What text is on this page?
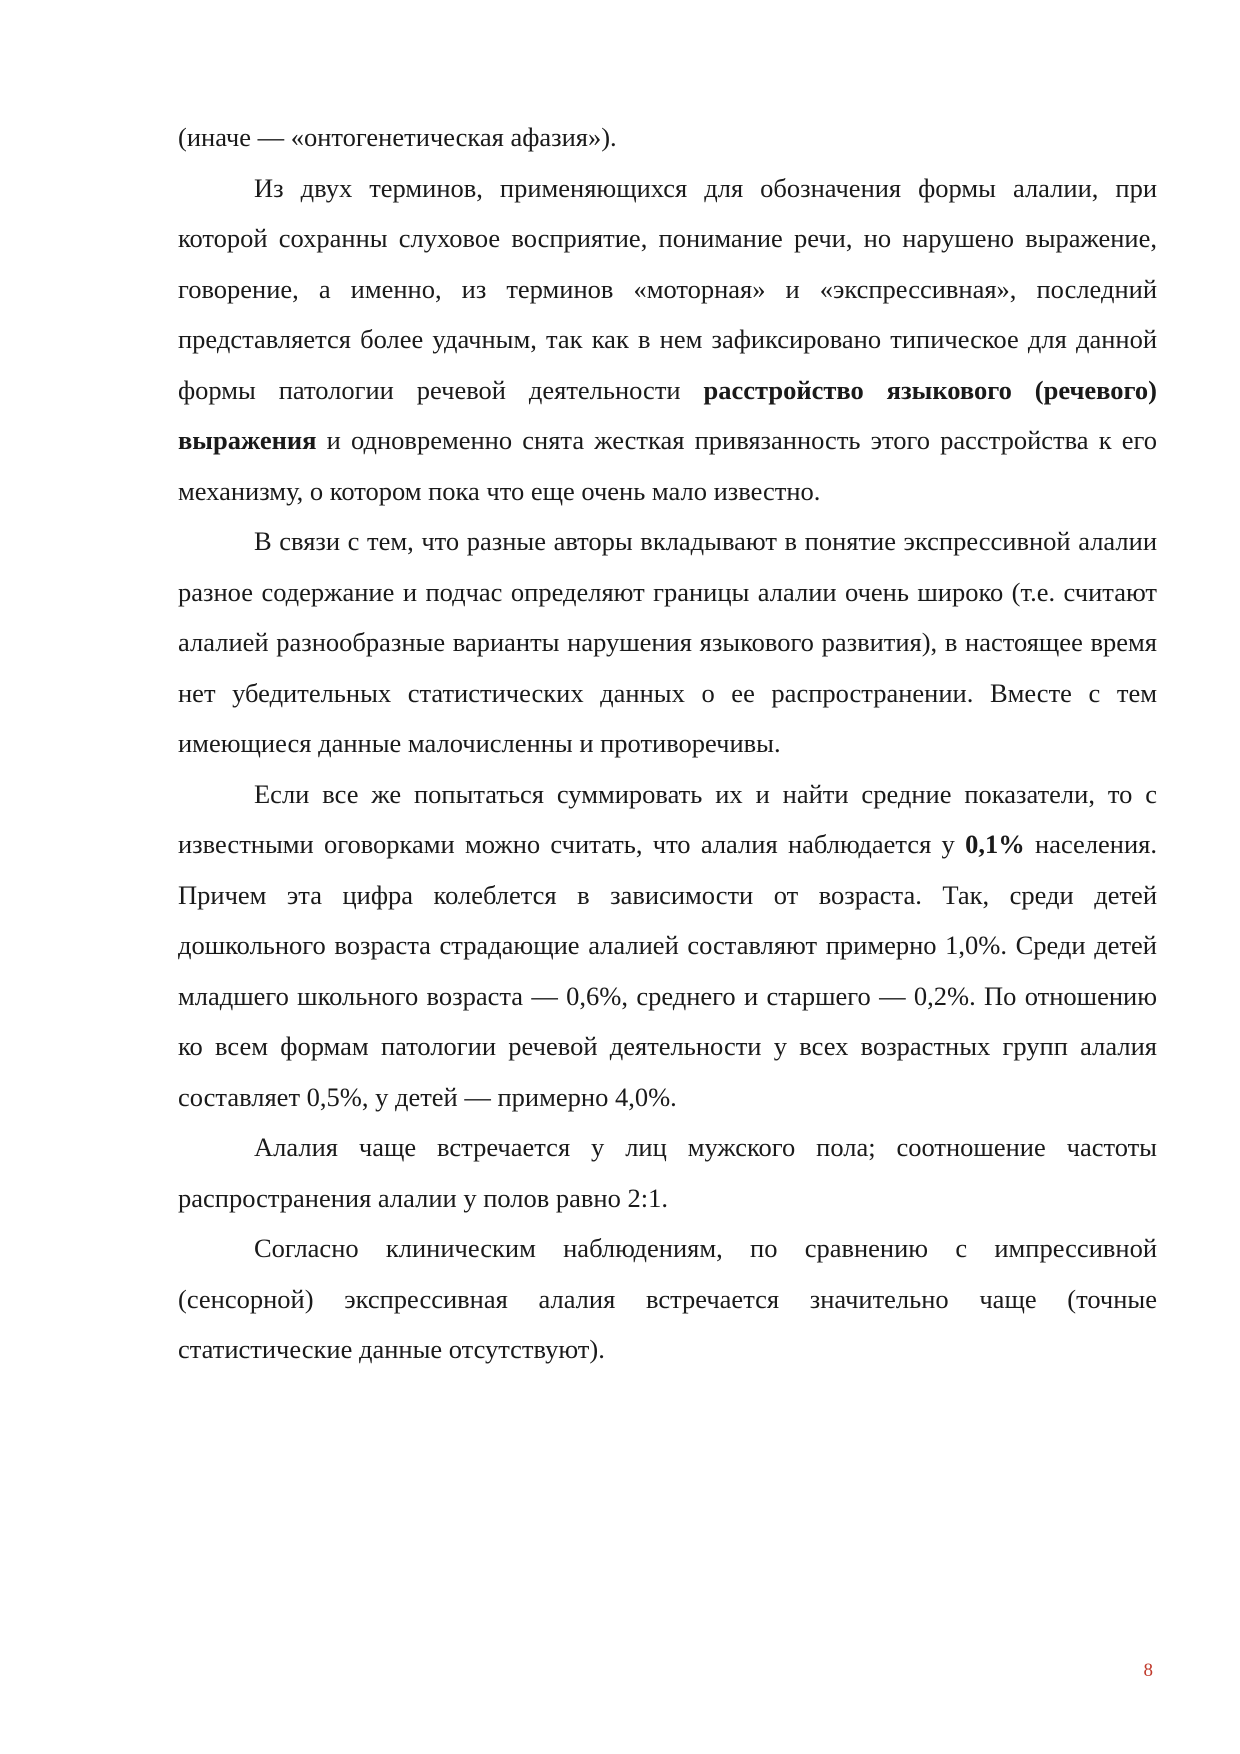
(иначе — «онтогенетическая афазия»).

Из двух терминов, применяющихся для обозначения формы алалии, при которой сохранны слуховое восприятие, понимание речи, но нарушено выражение, говорение, а именно, из терминов «моторная» и «экспрессивная», последний представляется более удачным, так как в нем зафиксировано типическое для данной формы патологии речевой деятельности расстройство языкового (речевого) выражения и одновременно снята жесткая привязанность этого расстройства к его механизму, о котором пока что еще очень мало известно.

В связи с тем, что разные авторы вкладывают в понятие экспрессивной алалии разное содержание и подчас определяют границы алалии очень широко (т.е. считают алалией разнообразные варианты нарушения языкового развития), в настоящее время нет убедительных статистических данных о ее распространении. Вместе с тем имеющиеся данные малочисленны и противоречивы.

Если все же попытаться суммировать их и найти средние показатели, то с известными оговорками можно считать, что алалия наблюдается у 0,1% населения. Причем эта цифра колеблется в зависимости от возраста. Так, среди детей дошкольного возраста страдающие алалией составляют примерно 1,0%. Среди детей младшего школьного возраста — 0,6%, среднего и старшего — 0,2%. По отношению ко всем формам патологии речевой деятельности у всех возрастных групп алалия составляет 0,5%, у детей — примерно 4,0%.

Алалия чаще встречается у лиц мужского пола; соотношение частоты распространения алалии у полов равно 2:1.

Согласно клиническим наблюдениям, по сравнению с импрессивной (сенсорной) экспрессивная алалия встречается значительно чаще (точные статистические данные отсутствуют).

8
